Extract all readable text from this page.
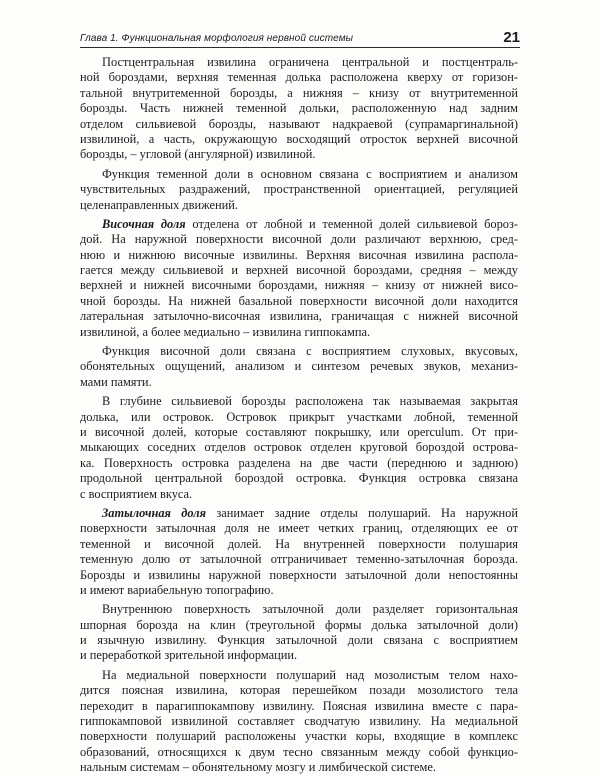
Глава 1. Функциональная морфология нервной системы	21
Постцентральная извилина ограничена центральной и постцентраль-
ной бороздами, верхняя теменная долька расположена кверху от горизон-
тальной внутритеменной борозды, а нижняя – книзу от внутритеменной
борозды. Часть нижней теменной дольки, расположенную над задним
отделом сильвиевой борозды, называют надкраевой (супрамаргинальной)
извилиной, а часть, окружающую восходящий отросток верхней височной
борозды, – угловой (ангулярной) извилиной.
Функция теменной доли в основном связана с восприятием и анализом
чувствительных раздражений, пространственной ориентацией, регуляцией
целенаправленных движений.
Височная доля отделена от лобной и теменной долей сильвиевой бороз-
дой. На наружной поверхности височной доли различают верхнюю, сред-
нюю и нижнюю височные извилины. Верхняя височная извилина распола-
гается между сильвиевой и верхней височной бороздами, средняя – между
верхней и нижней височными бороздами, нижняя – книзу от нижней висо-
чной борозды. На нижней базальной поверхности височной доли находится
латеральная затылочно-височная извилина, граничащая с нижней височной
извилиной, а более медиально – извилина гиппокампа.
Функция височной доли связана с восприятием слуховых, вкусовых,
обонятельных ощущений, анализом и синтезом речевых звуков, механиз-
мами памяти.
В глубине сильвиевой борозды расположена так называемая закрытая
долька, или островок. Островок прикрыт участками лобной, теменной
и височной долей, которые составляют покрышку, или operculum. От при-
мыкающих соседних отделов островок отделен круговой бороздой острова-
ка. Поверхность островка разделена на две части (переднюю и заднюю)
продольной центральной бороздой островка. Функция островка связана
с восприятием вкуса.
Затылочная доля занимает задние отделы полушарий. На наружной
поверхности затылочная доля не имеет четких границ, отделяющих ее от
теменной и височной долей. На внутренней поверхности полушария
теменную долю от затылочной отграничивает теменно-затылочная борозда.
Борозды и извилины наружной поверхности затылочной доли непостоянны
и имеют вариабельную топографию.
Внутреннюю поверхность затылочной доли разделяет горизонтальная
шпорная борозда на клин (треугольной формы долька затылочной доли)
и язычную извилину. Функция затылочной доли связана с восприятием
и переработкой зрительной информации.
На медиальной поверхности полушарий над мозолистым телом нахо-
дится поясная извилина, которая перешейком позади мозолистого тела
переходит в парагиппокампову извилину. Поясная извилина вместе с пара-
гиппокамповой извилиной составляет сводчатую извилину. На медиальной
поверхности полушарий расположены участки коры, входящие в комплекс
образований, относящихся к двум тесно связанным между собой функцио-
нальным системам – обонятельному мозгу и лимбической системе.
